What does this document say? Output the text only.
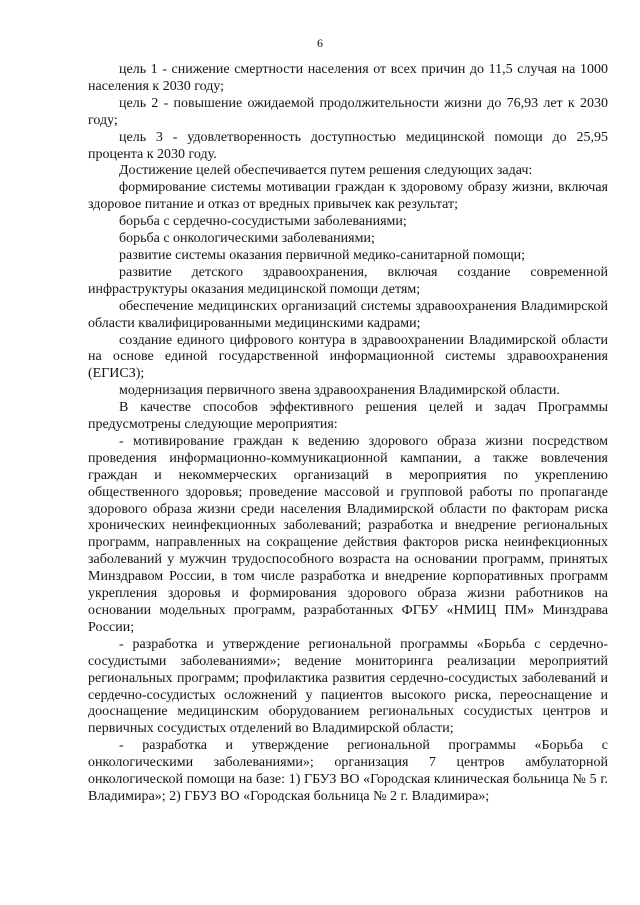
6

цель 1 - снижение смертности населения от всех причин до 11,5 случая на 1000 населения к 2030 году;

цель 2 - повышение ожидаемой продолжительности жизни до 76,93 лет к 2030 году;

цель 3 - удовлетворенность доступностью медицинской помощи до 25,95 процента к 2030 году.

Достижение целей обеспечивается путем решения следующих задач:

формирование системы мотивации граждан к здоровому образу жизни, включая здоровое питание и отказ от вредных привычек как результат;

борьба с сердечно-сосудистыми заболеваниями;

борьба с онкологическими заболеваниями;

развитие системы оказания первичной медико-санитарной помощи;

развитие детского здравоохранения, включая создание современной инфраструктуры оказания медицинской помощи детям;

обеспечение медицинских организаций системы здравоохранения Владимирской области квалифицированными медицинскими кадрами;

создание единого цифрового контура в здравоохранении Владимирской области на основе единой государственной информационной системы здравоохранения (ЕГИСЗ);

модернизация первичного звена здравоохранения Владимирской области.

В качестве способов эффективного решения целей и задач Программы предусмотрены следующие мероприятия:

- мотивирование граждан к ведению здорового образа жизни посредством проведения информационно-коммуникационной кампании, а также вовлечения граждан и некоммерческих организаций в мероприятия по укреплению общественного здоровья; проведение массовой и групповой работы по пропаганде здорового образа жизни среди населения Владимирской области по факторам риска хронических неинфекционных заболеваний; разработка и внедрение региональных программ, направленных на сокращение действия факторов риска неинфекционных заболеваний у мужчин трудоспособного возраста на основании программ, принятых Минздравом России, в том числе разработка и внедрение корпоративных программ укрепления здоровья и формирования здорового образа жизни работников на основании модельных программ, разработанных ФГБУ «НМИЦ ПМ» Минздрава России;

- разработка и утверждение региональной программы «Борьба с сердечно-сосудистыми заболеваниями»; ведение мониторинга реализации мероприятий региональных программ; профилактика развития сердечно-сосудистых заболеваний и сердечно-сосудистых осложнений у пациентов высокого риска, переоснащение и дооснащение медицинским оборудованием региональных сосудистых центров и первичных сосудистых отделений во Владимирской области;

- разработка и утверждение региональной программы «Борьба с онкологическими заболеваниями»; организация 7 центров амбулаторной онкологической помощи на базе: 1) ГБУЗ ВО «Городская клиническая больница № 5 г. Владимира»; 2) ГБУЗ ВО «Городская больница № 2 г. Владимира»;
